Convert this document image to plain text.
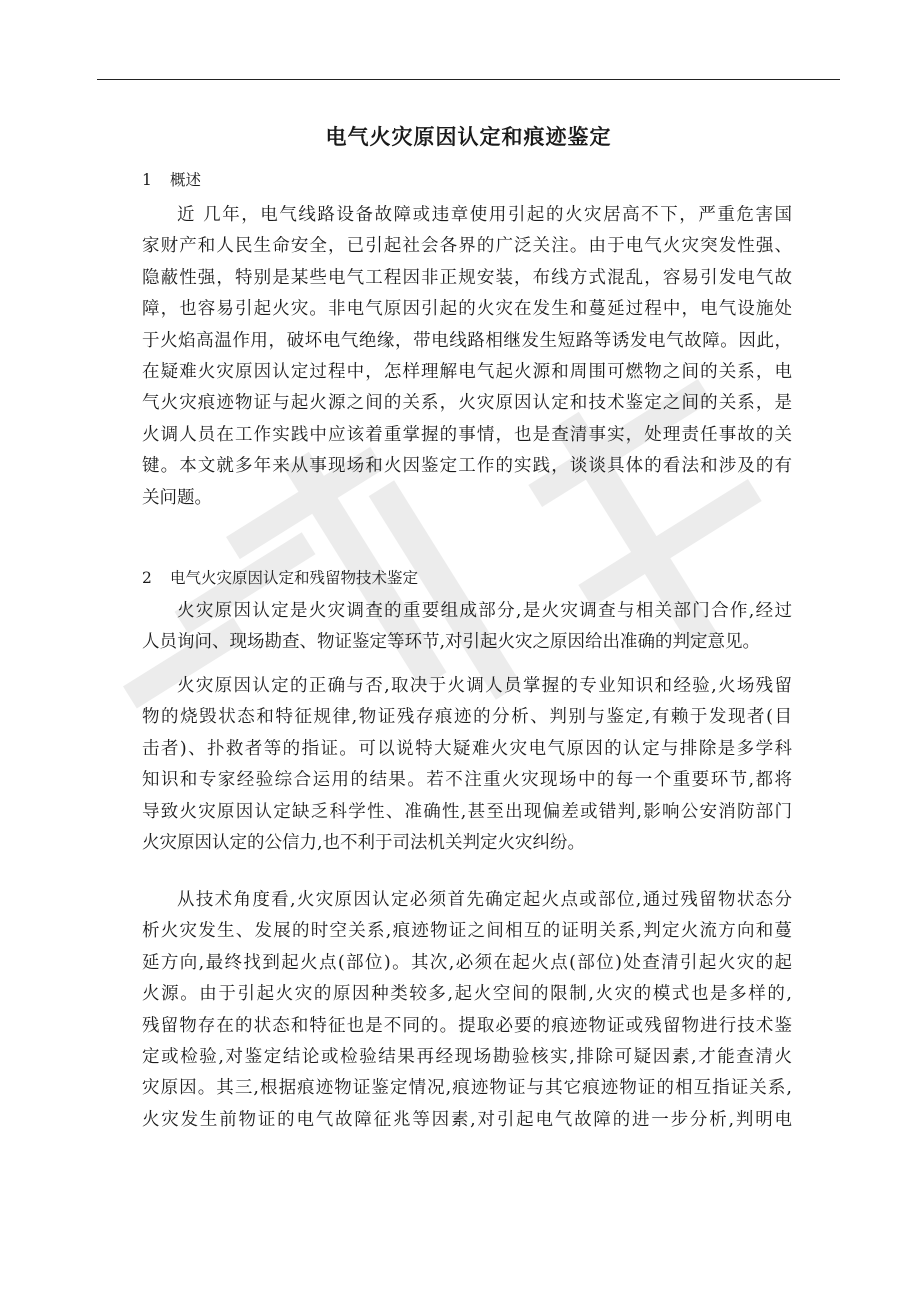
电气火灾原因认定和痕迹鉴定
1 概述
近 几年，电气线路设备故障或违章使用引起的火灾居高不下，严重危害国
家财产和人民生命安全，已引起社会各界的广泛关注。由于电气火灾突发性强、
隐蔽性强，特别是某些电气工程因非正规安装，布线方式混乱，容易引发电气故
障，也容易引起火灾。非电气原因引起的火灾在发生和蔓延过程中，电气设施处
于火焰高温作用，破坏电气绝缘，带电线路相继发生短路等诱发电气故障。因此，
在疑难火灾原因认定过程中，怎样理解电气起火源和周围可燃物之间的关系，电
气火灾痕迹物证与起火源之间的关系，火灾原因认定和技术鉴定之间的关系，是
火调人员在工作实践中应该着重掌握的事情，也是查清事实，处理责任事故的关
键。本文就多年来从事现场和火因鉴定工作的实践，谈谈具体的看法和涉及的有
关问题。
2 电气火灾原因认定和残留物技术鉴定
火灾原因认定是火灾调查的重要组成部分,是火灾调查与相关部门合作,经过
人员询问、现场勘查、物证鉴定等环节,对引起火灾之原因给出准确的判定意见。
火灾原因认定的正确与否,取决于火调人员掌握的专业知识和经验,火场残留
物的烧毁状态和特征规律,物证残存痕迹的分析、判别与鉴定,有赖于发现者(目
击者)、扑救者等的指证。可以说特大疑难火灾电气原因的认定与排除是多学科
知识和专家经验综合运用的结果。若不注重火灾现场中的每一个重要环节,都将
导致火灾原因认定缺乏科学性、准确性,甚至出现偏差或错判,影响公安消防部门
火灾原因认定的公信力,也不利于司法机关判定火灾纠纷。
从技术角度看,火灾原因认定必须首先确定起火点或部位,通过残留物状态分
析火灾发生、发展的时空关系,痕迹物证之间相互的证明关系,判定火流方向和蔓
延方向,最终找到起火点(部位)。其次,必须在起火点(部位)处查清引起火灾的起
火源。由于引起火灾的原因种类较多,起火空间的限制,火灾的模式也是多样的,
残留物存在的状态和特征也是不同的。提取必要的痕迹物证或残留物进行技术鉴
定或检验,对鉴定结论或检验结果再经现场勘验核实,排除可疑因素,才能查清火
灾原因。其三,根据痕迹物证鉴定情况,痕迹物证与其它痕迹物证的相互指证关系,
火灾发生前物证的电气故障征兆等因素,对引起电气故障的进一步分析,判明电
